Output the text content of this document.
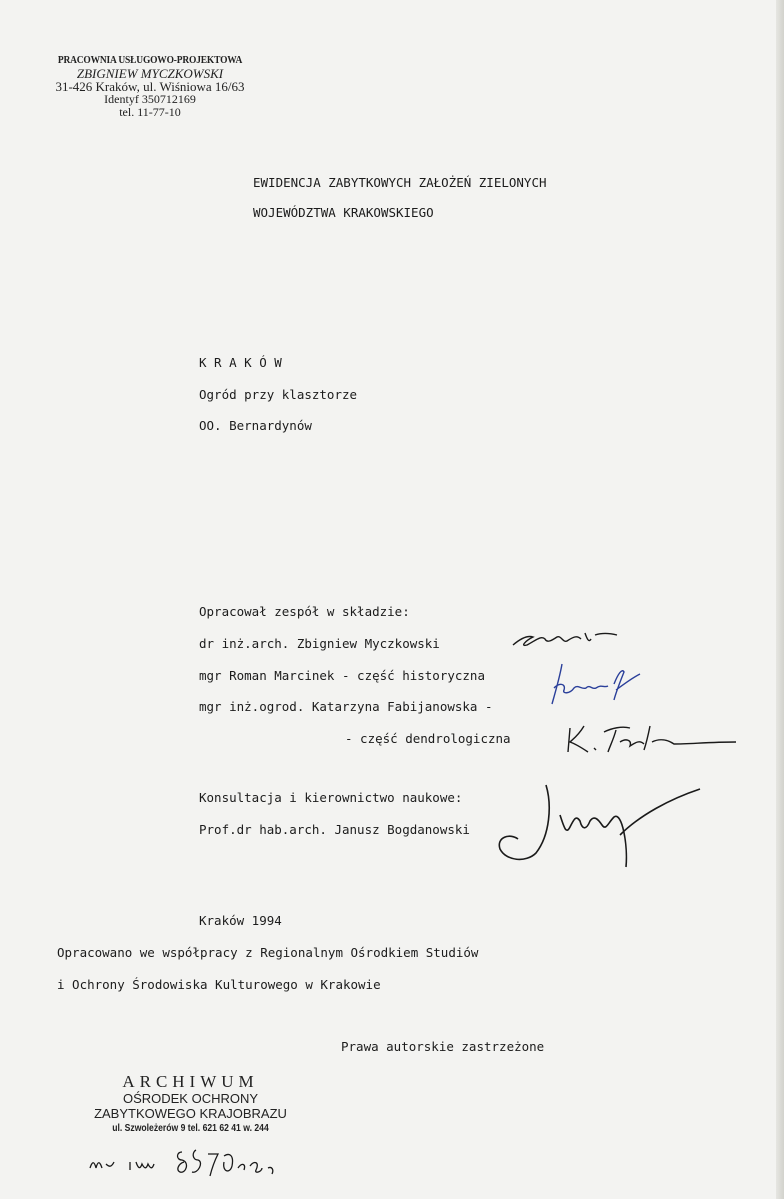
PRACOWNIA USŁUGOWO-PROJEKTOWA
ZBIGNIEW MYCZKOWSKI
31-426 Kraków, ul. Wiśniowa 16/63
Identyf 350712169
tel. 11-77-10
EWIDENCJA ZABYTKOWYCH ZAŁOŻEŃ ZIELONYCH
WOJEWÓDZTWA KRAKOWSKIEGO
K R A K Ó W
Ogród przy klasztorze
OO. Bernardynów
Opracował zespół w składzie:
dr inż.arch. Zbigniew Myczkowski
mgr Roman Marcinek - część historyczna
mgr inż.ogrod. Katarzyna Fabijanowska -
- część dendrologiczna
Konsultacja i kierownictwo naukowe:
Prof.dr hab.arch. Janusz Bogdanowski
Kraków 1994
Opracowano we współpracy z Regionalnym Ośrodkiem Studiów
i Ochrony Środowiska Kulturowego w Krakowie
Prawa autorskie zastrzeżone
ARCHIWUM
OŚRODEK OCHRONY
ZABYTKOWEGO KRAJOBRAZU
ul. Szwoleżerów 9 tel. 621 62 41 w. 244
